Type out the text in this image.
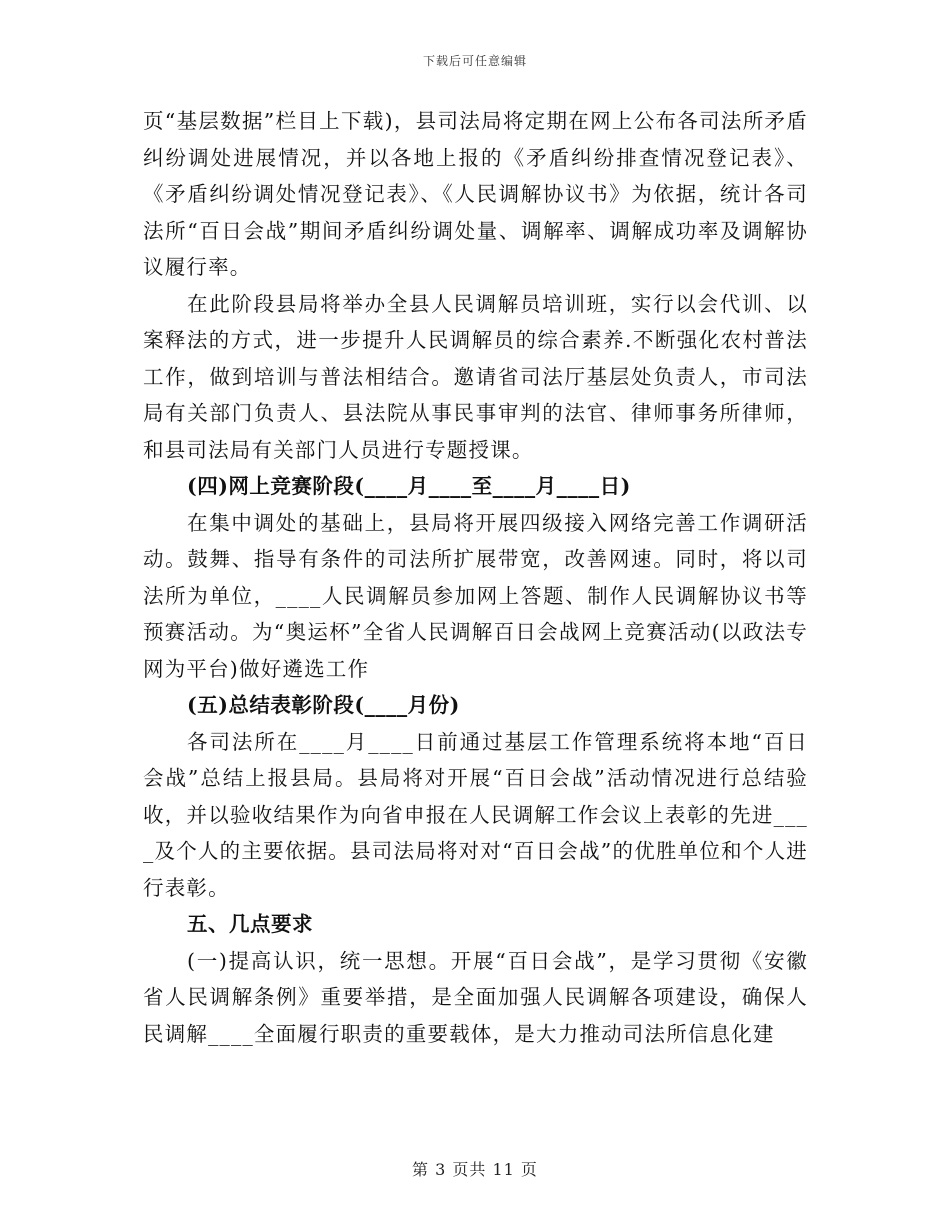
下载后可任意编辑

页“基层数据”栏目上下载)，县司法局将定期在网上公布各司法所矛盾纠纷调处进展情况，并以各地上报的《矛盾纠纷排查情况登记表》、《矛盾纠纷调处情况登记表》、《人民调解协议书》为依据，统计各司法所“百日会战”期间矛盾纠纷调处量、调解率、调解成功率及调解协议履行率。

在此阶段县局将举办全县人民调解员培训班，实行以会代训、以案释法的方式，进一步提升人民调解员的综合素养.不断强化农村普法工作，做到培训与普法相结合。邀请省司法厅基层处负责人，市司法局有关部门负责人、县法院从事民事审判的法官、律师事务所律师，和县司法局有关部门人员进行专题授课。

(四)网上竞赛阶段(____月____至____月____日)

在集中调处的基础上，县局将开展四级接入网络完善工作调研活动。鼓舞、指导有条件的司法所扩展带宽，改善网速。同时，将以司法所为单位，____人民调解员参加网上答题、制作人民调解协议书等预赛活动。为“奥运杯”全省人民调解百日会战网上竞赛活动(以政法专网为平台)做好遴选工作

(五)总结表彰阶段(____月份)

各司法所在____月____日前通过基层工作管理系统将本地“百日会战”总结上报县局。县局将对开展“百日会战”活动情况进行总结验收，并以验收结果作为向省申报在人民调解工作会议上表彰的先进____及个人的主要依据。县司法局将对对“百日会战”的优胜单位和个人进行表彰。

五、几点要求

(一)提高认识，统一思想。开展“百日会战”，是学习贯彻《安徽省人民调解条例》重要举措，是全面加强人民调解各项建设，确保人民调解____全面履行职责的重要载体，是大力推动司法所信息化建

第 3 页共 11 页
